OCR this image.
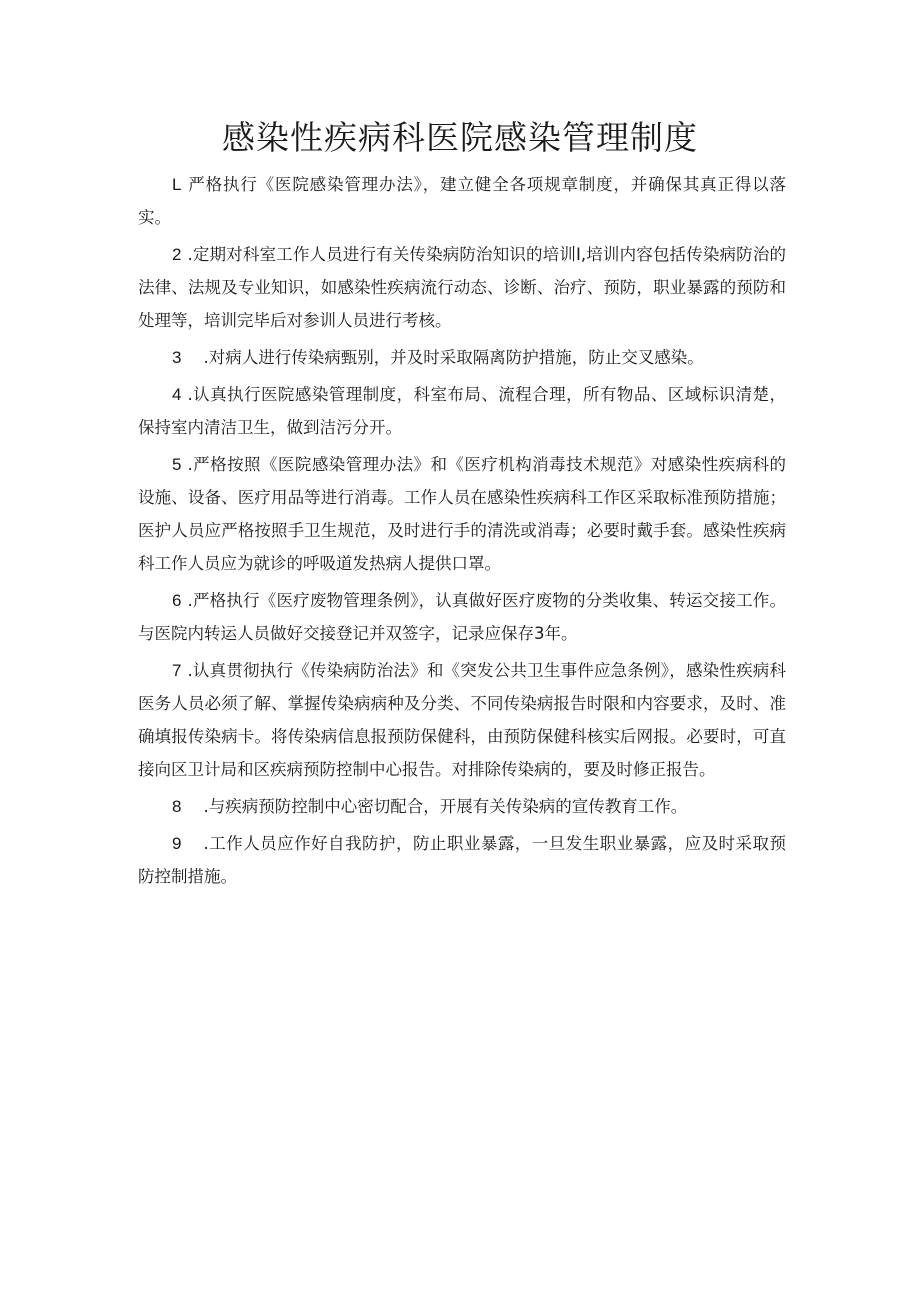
感染性疾病科医院感染管理制度

L 严格执行《医院感染管理办法》，建立健全各项规章制度，并确保其真正得以落实。

2 .定期对科室工作人员进行有关传染病防治知识的培训I,培训内容包括传染病防治的法律、法规及专业知识，如感染性疾病流行动态、诊断、治疗、预防，职业暴露的预防和处理等，培训完毕后对参训人员进行考核。

3 .对病人进行传染病甄别，并及时采取隔离防护措施，防止交叉感染。

4 .认真执行医院感染管理制度，科室布局、流程合理，所有物品、区域标识清楚，保持室内清洁卫生，做到洁污分开。

5 .严格按照《医院感染管理办法》和《医疗机构消毒技术规范》对感染性疾病科的设施、设备、医疗用品等进行消毒。工作人员在感染性疾病科工作区采取标准预防措施；医护人员应严格按照手卫生规范，及时进行手的清洗或消毒；必要时戴手套。感染性疾病科工作人员应为就诊的呼吸道发热病人提供口罩。

6 .严格执行《医疗废物管理条例》，认真做好医疗废物的分类收集、转运交接工作。与医院内转运人员做好交接登记并双签字，记录应保存3年。

7 .认真贯彻执行《传染病防治法》和《突发公共卫生事件应急条例》，感染性疾病科医务人员必须了解、掌握传染病病种及分类、不同传染病报告时限和内容要求，及时、准确填报传染病卡。将传染病信息报预防保健科，由预防保健科核实后网报。必要时，可直接向区卫计局和区疾病预防控制中心报告。对排除传染病的，要及时修正报告。

8 .与疾病预防控制中心密切配合，开展有关传染病的宣传教育工作。

9 .工作人员应作好自我防护，防止职业暴露，一旦发生职业暴露，应及时采取预防控制措施。
